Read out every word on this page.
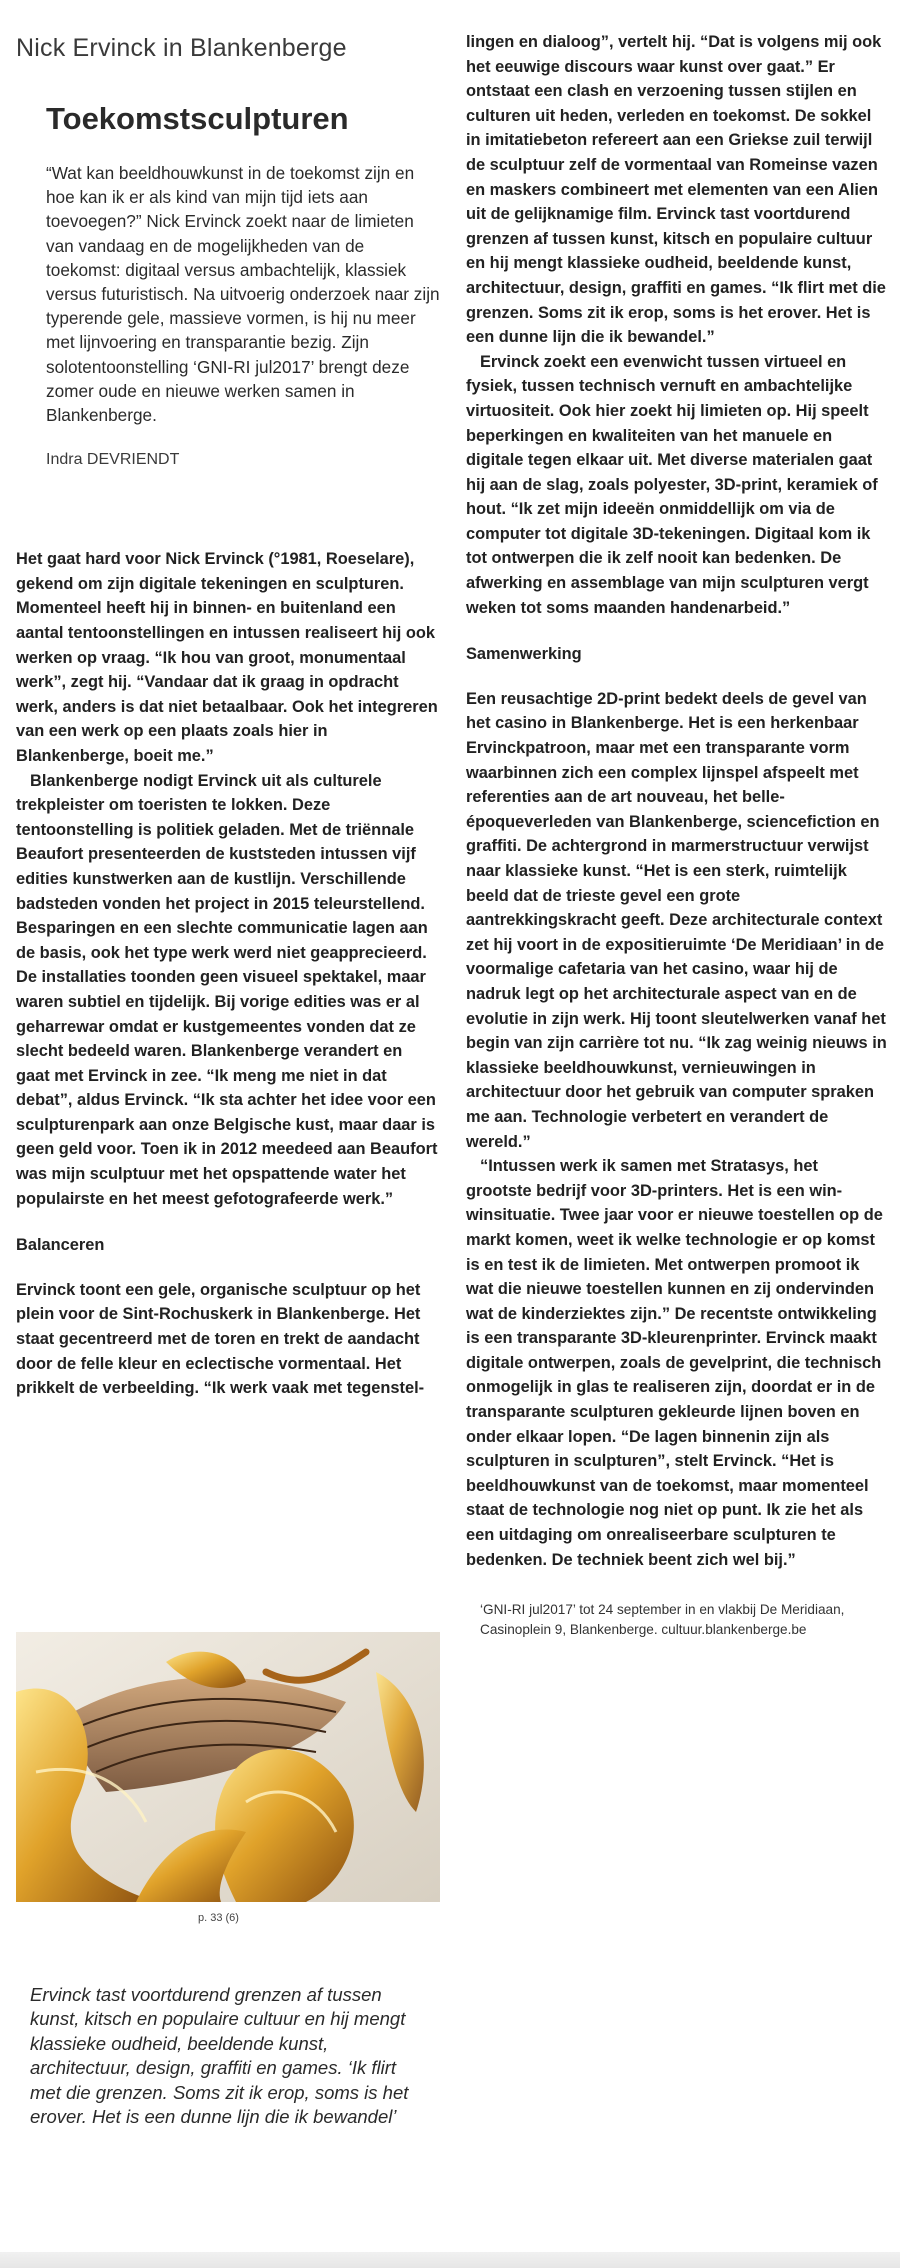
Nick Ervinck in Blankenberge
Toekomstsculpturen
“Wat kan beeldhouwkunst in de toekomst zijn en hoe kan ik er als kind van mijn tijd iets aan toevoegen?” Nick Ervinck zoekt naar de limieten van vandaag en de mogelijkheden van de toekomst: digitaal versus ambachtelijk, klassiek versus futuristisch. Na uitvoerig onderzoek naar zijn typerende gele, massieve vormen, is hij nu meer met lijnvoering en transparantie bezig. Zijn solotentoonstelling ‘GNI-RI jul2017’ brengt deze zomer oude en nieuwe werken samen in Blankenberge.
Indra DEVRIENDT

Het gaat hard voor Nick Ervinck (°1981, Roeselare), gekend om zijn digitale tekeningen en sculpturen. Momenteel heeft hij in binnen- en buitenland een aantal tentoonstellingen en intussen realiseert hij ook werken op vraag. “Ik hou van groot, monumentaal werk”, zegt hij. “Vandaar dat ik graag in opdracht werk, anders is dat niet betaalbaar. Ook het integreren van een werk op een plaats zoals hier in Blankenberge, boeit me.”

Blankenberge nodigt Ervinck uit als culturele trekpleister om toeristen te lokken. Deze tentoonstelling is politiek geladen. Met de triënnale Beaufort presenteerden de kuststeden intussen vijf edities kunstwerken aan de kustlijn. Verschillende badsteden vonden het project in 2015 teleurstellend. Besparingen en een slechte communicatie lagen aan de basis, ook het type werk werd niet geapprecieerd. De installaties toonden geen visueel spektakel, maar waren subtiel en tijdelijk. Bij vorige edities was er al geharrewar omdat er kustgemeentes vonden dat ze slecht bedeeld waren. Blankenberge verandert en gaat met Ervinck in zee. “Ik meng me niet in dat debat”, aldus Ervinck. “Ik sta achter het idee voor een sculpturenpark aan onze Belgische kust, maar daar is geen geld voor. Toen ik in 2012 meedeed aan Beaufort was mijn sculptuur met het opspattende water het populairste en het meest gefotografeerde werk.”

Balanceren

Ervinck toont een gele, organische sculptuur op het plein voor de Sint-Rochuskerk in Blankenberge. Het staat gecentreerd met de toren en trekt de aandacht door de felle kleur en eclectische vormentaal. Het prikkelt de verbeelding. “Ik werk vaak met tegenstel-

p. 33 (6)

lingen en dialoog”, vertelt hij. “Dat is volgens mij ook het eeuwige discours waar kunst over gaat.” Er ontstaat een clash en verzoening tussen stijlen en culturen uit heden, verleden en toekomst. De sokkel in imitatiebeton refereert aan een Griekse zuil terwijl de sculptuur zelf de vormentaal van Romeinse vazen en maskers combineert met elementen van een Alien uit de gelijknamige film. Ervinck tast voortdurend grenzen af tussen kunst, kitsch en populaire cultuur en hij mengt klassieke oudheid, beeldende kunst, architectuur, design, graffiti en games. “Ik flirt met die grenzen. Soms zit ik erop, soms is het erover. Het is een dunne lijn die ik bewandel.”

Ervinck zoekt een evenwicht tussen virtueel en fysiek, tussen technisch vernuft en ambachtelijke virtuositeit. Ook hier zoekt hij limieten op. Hij speelt beperkingen en kwaliteiten van het manuele en digitale tegen elkaar uit. Met diverse materialen gaat hij aan de slag, zoals polyester, 3D-print, keramiek of hout. “Ik zet mijn ideeën onmiddellijk om via de computer tot digitale 3D-tekeningen. Digitaal kom ik tot ontwerpen die ik zelf nooit kan bedenken. De afwerking en assemblage van mijn sculpturen vergt weken tot soms maanden handenarbeid.”

Samenwerking

Een reusachtige 2D-print bedekt deels de gevel van het casino in Blankenberge. Het is een herkenbaar Ervinckpatroon, maar met een transparante vorm waarbinnen zich een complex lijnspel afspeelt met referenties aan de art nouveau, het belle-époqueverleden van Blankenberge, sciencefiction en graffiti. De achtergrond in marmerstructuur verwijst naar klassieke kunst. “Het is een sterk, ruimtelijk beeld dat de trieste gevel een grote aantrekkingskracht geeft. Deze architecturale context zet hij voort in de expositieruimte ‘De Meridiaan’ in de voormalige cafetaria van het casino, waar hij de nadruk legt op het architecturale aspect van en de evolutie in zijn werk. Hij toont sleutelwerken vanaf het begin van zijn carrière tot nu. “Ik zag weinig nieuws in klassieke beeldhouwkunst, vernieuwingen in architectuur door het gebruik van computer spraken me aan. Technologie verbetert en verandert de wereld.”

“Intussen werk ik samen met Stratasys, het grootste bedrijf voor 3D-printers. Het is een win-winsituatie. Twee jaar voor er nieuwe toestellen op de markt komen, weet ik welke technologie er op komst is en test ik de limieten. Met ontwerpen promoot ik wat die nieuwe toestellen kunnen en zij ondervinden wat de kinderziektes zijn.” De recentste ontwikkeling is een transparante 3D-kleurenprinter. Ervinck maakt digitale ontwerpen, zoals de gevelprint, die technisch onmogelijk in glas te realiseren zijn, doordat er in de transparante sculpturen gekleurde lijnen boven en onder elkaar lopen. “De lagen binnenin zijn als sculpturen in sculpturen”, stelt Ervinck. “Het is beeldhouwkunst van de toekomst, maar momenteel staat de technologie nog niet op punt. Ik zie het als een uitdaging om onrealiseerbare sculpturen te bedenken. De techniek beent zich wel bij.”

‘GNI-RI jul2017’ tot 24 september in en vlakbij De Meridiaan, Casinoplein 9, Blankenberge. cultuur.blankenberge.be
Ervinck tast voortdurend grenzen af tussen kunst, kitsch en populaire cultuur en hij mengt klassieke oudheid, beeldende kunst, architectuur, design, graffiti en games. ‘Ik flirt met die grenzen. Soms zit ik erop, soms is het erover. Het is een dunne lijn die ik bewandel’
